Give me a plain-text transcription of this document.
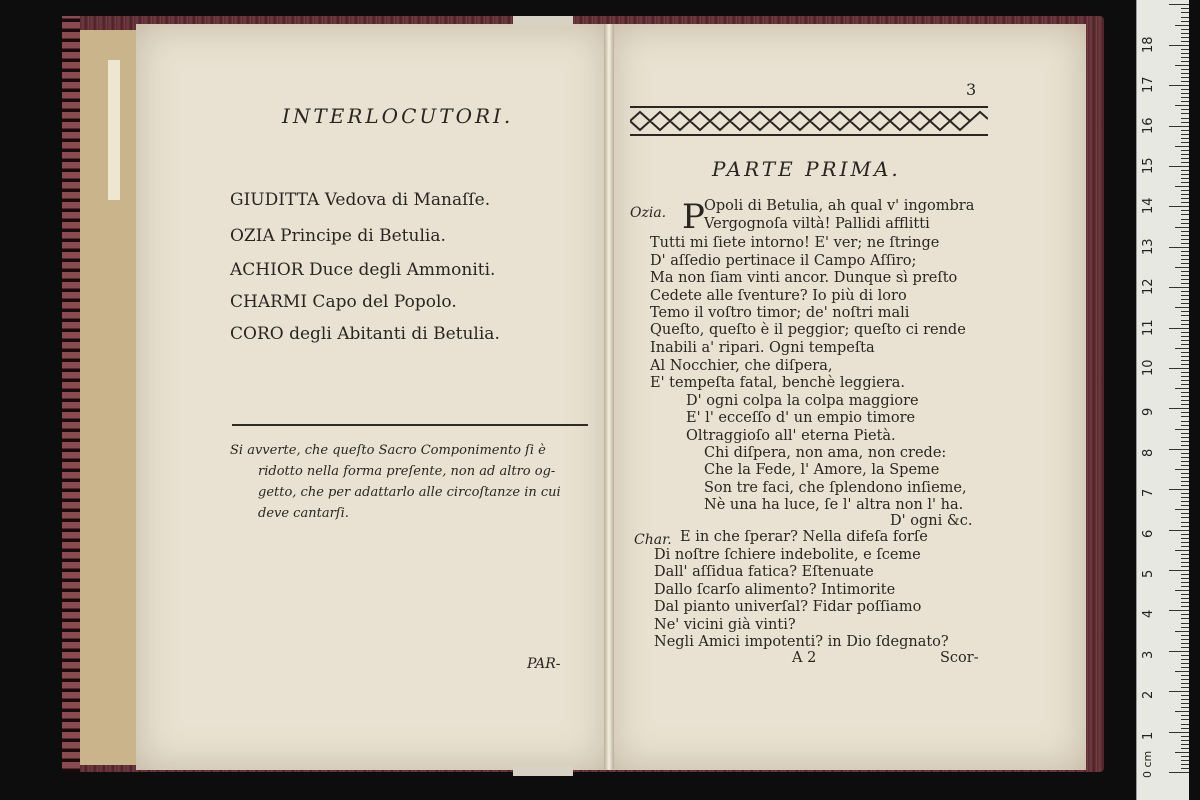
INTERLOCUTORI.
GIUDITTA Vedova di Manaſſe.
OZIA Principe di Betulia.
ACHIOR Duce degli Ammoniti.
CHARMI Capo del Popolo.
CORO degli Abitanti di Betulia.
Si avverte, che queſto Sacro Componimento ſi è
ridotto nella forma preſente, non ad altro og-
getto, che per adattarlo alle circoſtanze in cui
deve cantarſi.
PAR-
3
PARTE PRIMA.
Ozia. P Opoli di Betulia, ah qual v' ingombra
Vergognoſa viltà! Pallidi afflitti
Tutti mi ſiete intorno! E' ver; ne ſtringe
D' aſſedio pertinace il Campo Aſſiro;
Ma non ſiam vinti ancor. Dunque sì preſto
Cedete alle ſventure? Io più di loro
Temo il voſtro timor; de' noſtri mali
Queſto, queſto è il peggior; queſto ci rende
Inabili a' ripari. Ogni tempeſta
Al Nocchier, che diſpera,
E' tempeſta fatal, benchè leggiera.
D' ogni colpa la colpa maggiore
E' l' ecceſſo d' un empio timore
Oltraggioſo all' eterna Pietà.
Chi diſpera, non ama, non crede:
Che la Fede, l' Amore, la Speme
Son tre faci, che ſplendono inſieme,
Nè una ha luce, ſe l' altra non l' ha.
D' ogni &c.
Char. E in che ſperar? Nella difeſa forſe
Di noſtre ſchiere indebolite, e ſceme
Dall' aſſidua fatica? Eſtenuate
Dallo ſcarſo alimento? Intimorite
Dal pianto univerſal? Fidar poſſiamo
Ne' vicini già vinti?
Negli Amici impotenti? in Dio ſdegnato?
A 2	Scor-
1
2
3
4
5
6
7
8
9
10
11
12
13
14
15
16
17
18
0 cm
